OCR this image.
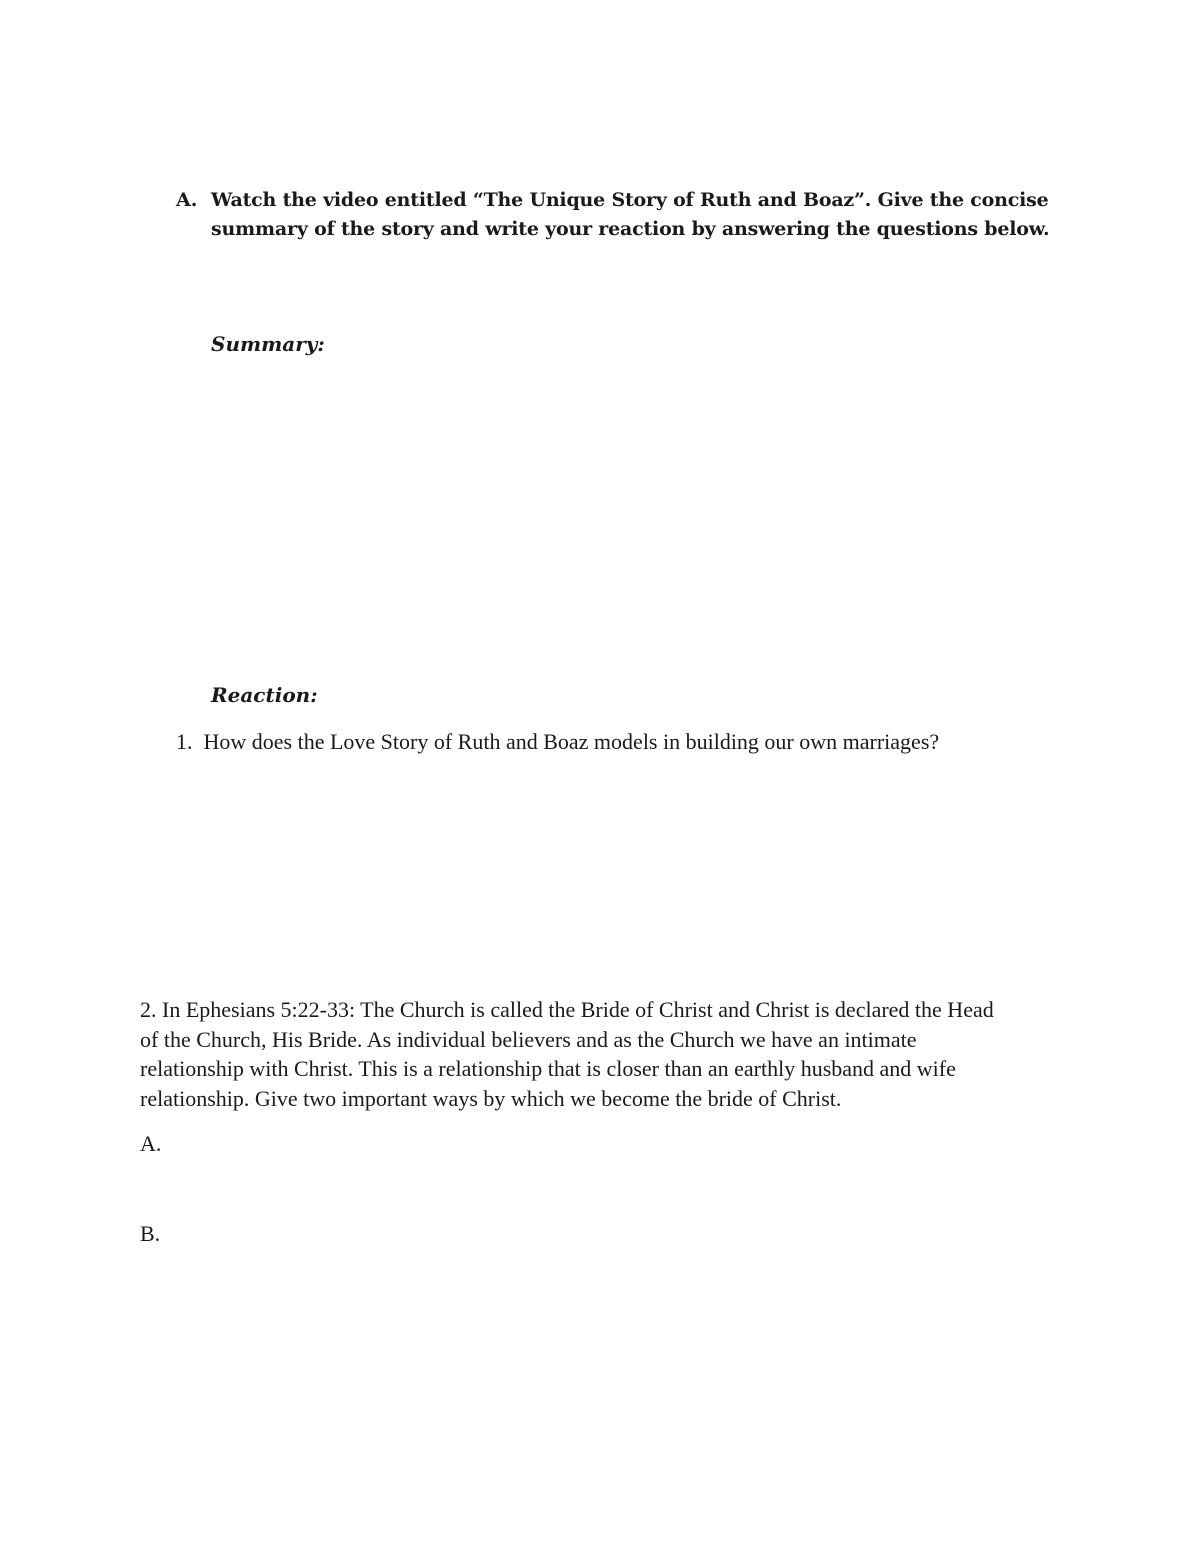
A. Watch the video entitled “The Unique Story of Ruth and Boaz”. Give the concise
summary of the story and write your reaction by answering the questions below.
Summary:
Reaction:
1. How does the Love Story of Ruth and Boaz models in building our own marriages?
2. In Ephesians 5:22-33: The Church is called the Bride of Christ and Christ is declared the Head
of the Church, His Bride. As individual believers and as the Church we have an intimate
relationship with Christ. This is a relationship that is closer than an earthly husband and wife
relationship. Give two important ways by which we become the bride of Christ.
A.
B.
